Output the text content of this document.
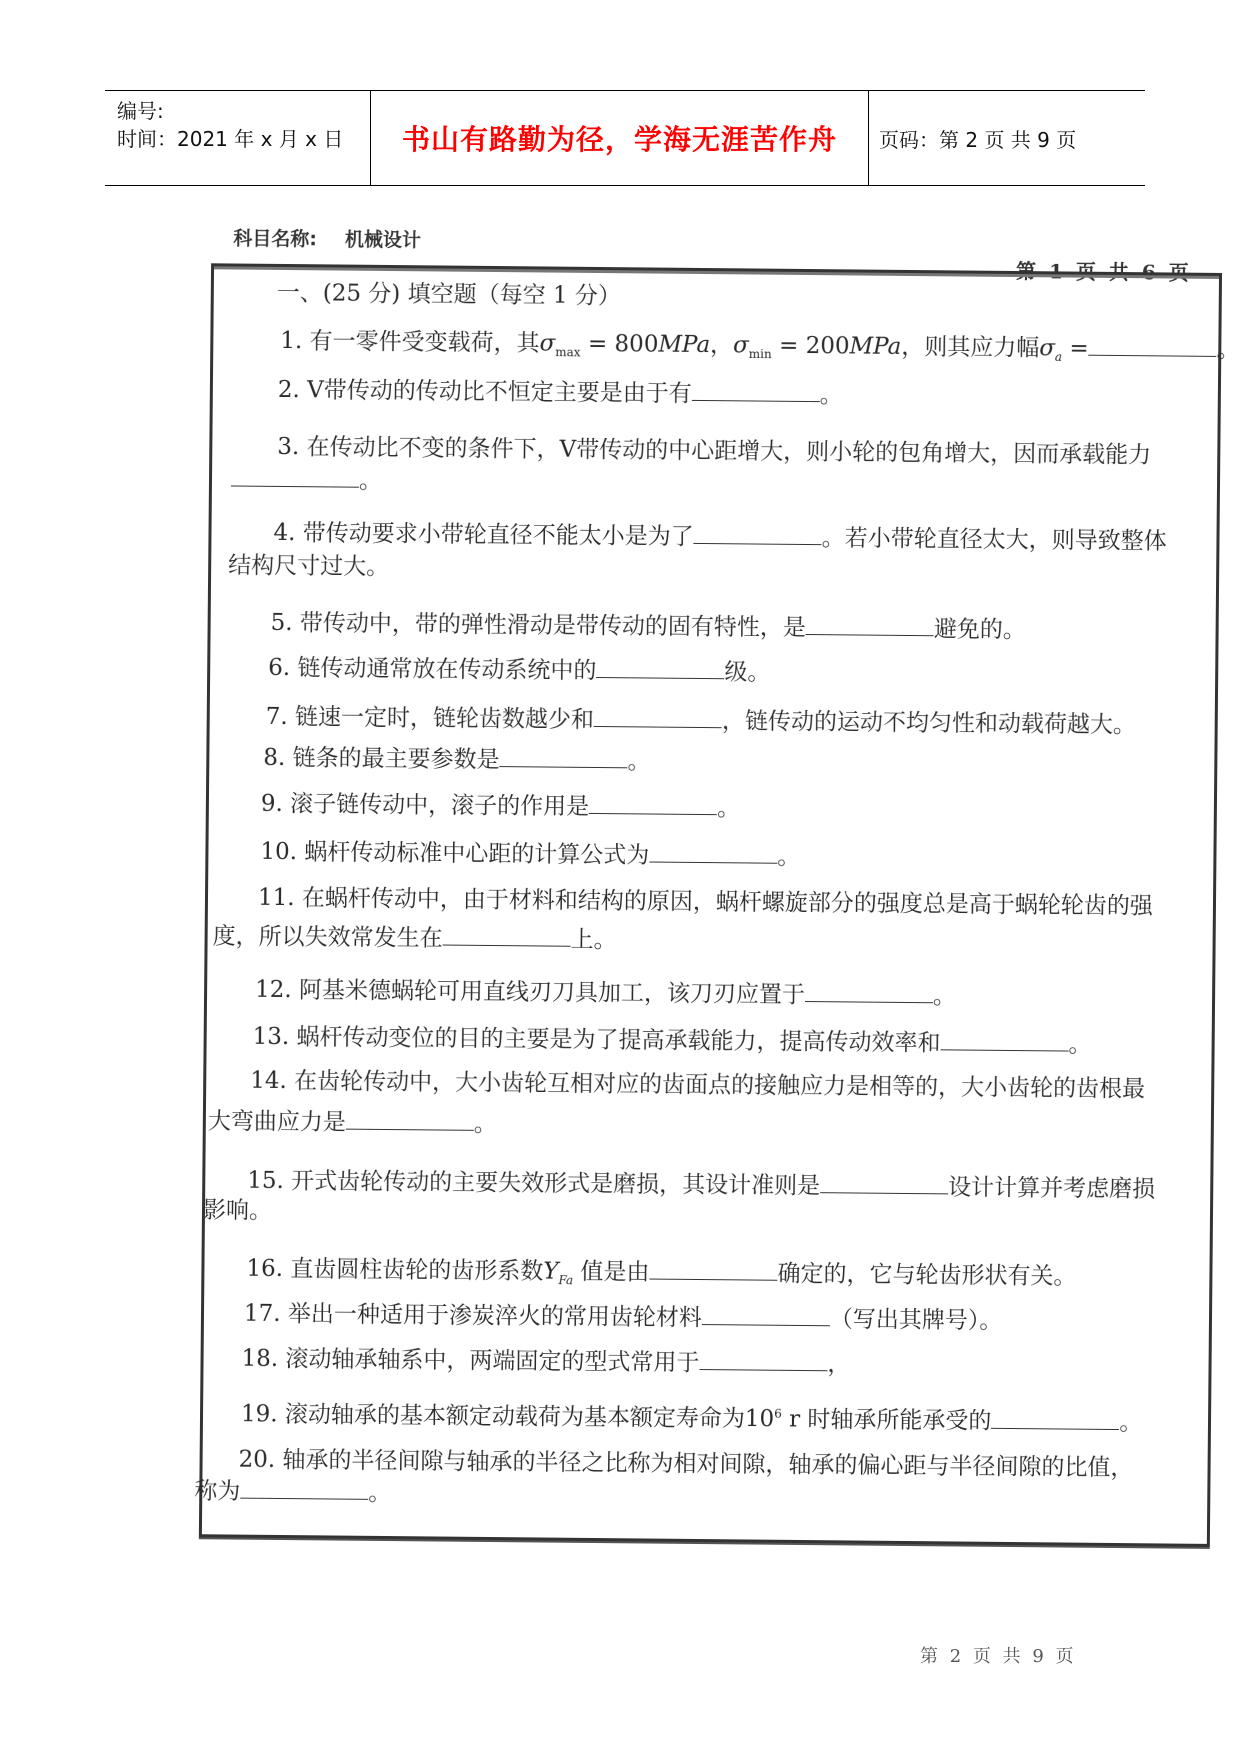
编号:
时间：2021 年 x 月 x 日 书山有路勤为径，学海无涯苦作舟 页码：第 2 页 共 9 页
科目名称: 机械设计
第 1 页 共 6 页
一、(25 分) 填空题（每空 1 分）
1. 有一零件受变载荷，其$\sigma_{max} = 800MPa$，$\sigma_{min} = 200MPa$，则其应力幅$\sigma_a$ =	。
2. V带传动的传动比不恒定主要是由于有	。
3. 在传动比不变的条件下，V带传动的中心距增大，则小轮的包角增大，因而承载能力
。
4. 带传动要求小带轮直径不能太小是为了	。若小带轮直径太大，则导致整体
结构尺寸过大。
5. 带传动中，带的弹性滑动是带传动的固有特性，是	避免的。
6. 链传动通常放在传动系统中的	级。
7. 链速一定时，链轮齿数越少和	，链传动的运动不均匀性和动载荷越大。
8. 链条的最主要参数是	。
9. 滚子链传动中，滚子的作用是	。
10. 蜗杆传动标准中心距的计算公式为	。
11. 在蜗杆传动中，由于材料和结构的原因，蜗杆螺旋部分的强度总是高于蜗轮轮齿的强
度，所以失效常发生在	上。
12. 阿基米德蜗轮可用直线刃刀具加工，该刀刃应置于	。
13. 蜗杆传动变位的目的主要是为了提高承载能力，提高传动效率和	。
14. 在齿轮传动中，大小齿轮互相对应的齿面点的接触应力是相等的，大小齿轮的齿根最
大弯曲应力是	。
15. 开式齿轮传动的主要失效形式是磨损，其设计准则是	设计计算并考虑磨损
影响。
16. 直齿圆柱齿轮的齿形系数$Y_{Fa}$ 值是由	确定的，它与轮齿形状有关。
17. 举出一种适用于渗炭淬火的常用齿轮材料	（写出其牌号）。
18. 滚动轴承轴系中，两端固定的型式常用于	，
19. 滚动轴承的基本额定动载荷为基本额定寿命为$10^6$ r 时轴承所能承受的	。
20. 轴承的半径间隙与轴承的半径之比称为相对间隙，轴承的偏心距与半径间隙的比值，
称为	。
第 2 页 共 9 页
